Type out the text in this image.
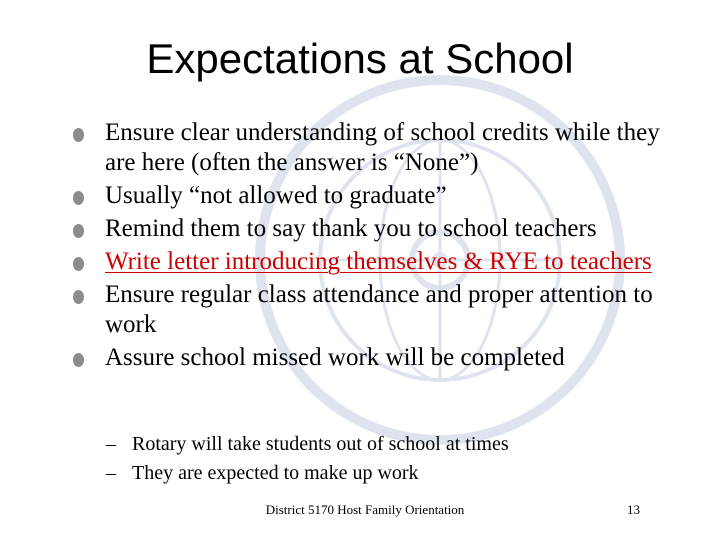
Expectations at School
Ensure clear understanding of school credits while they are here (often the answer is “None”)
Usually “not allowed to graduate”
Remind them to say thank you to school teachers
Write letter introducing themselves & RYE to teachers
Ensure regular class attendance and proper attention to work
Assure school missed work will be completed
– Rotary will take students out of school at times
– They are expected to make up work
District 5170 Host Family Orientation	13
